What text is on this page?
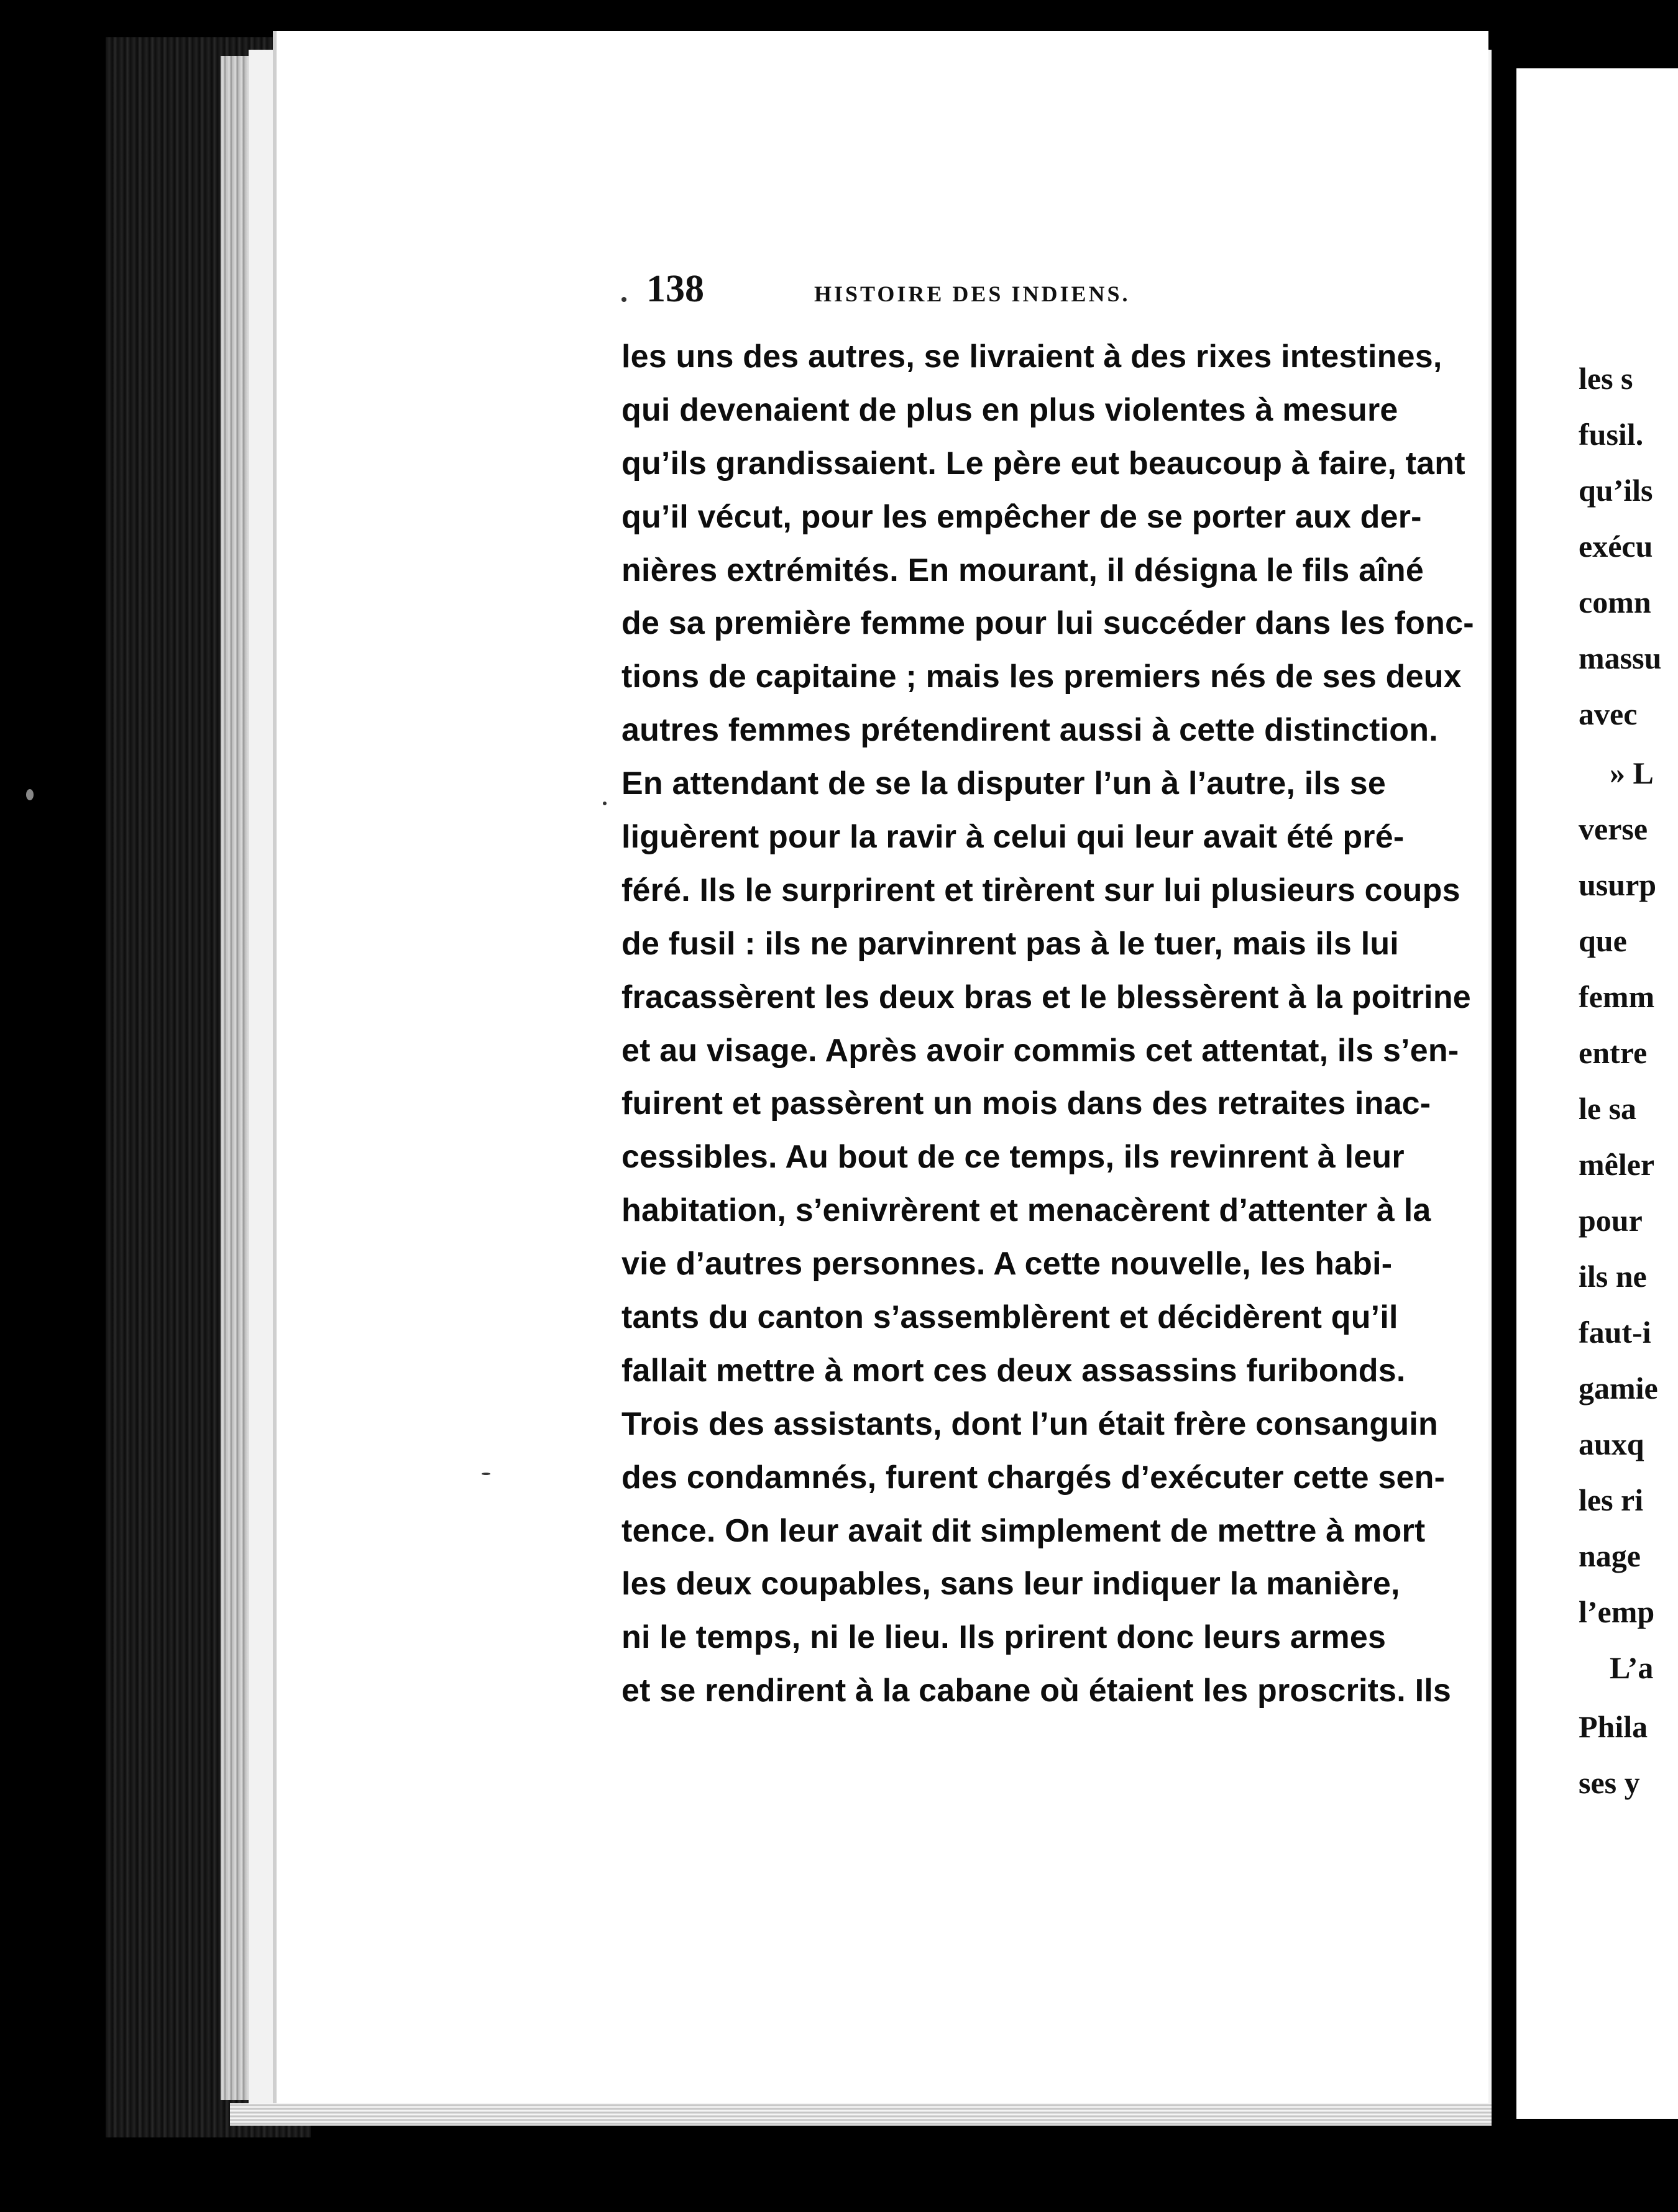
138	HISTOIRE DES INDIENS.
les uns des autres, se livraient à des rixes intestines,
qui devenaient de plus en plus violentes à mesure
qu’ils grandissaient. Le père eut beaucoup à faire, tant
qu’il vécut, pour les empêcher de se porter aux der-
nières extrémités. En mourant, il désigna le fils aîné
de sa première femme pour lui succéder dans les fonc-
tions de capitaine ; mais les premiers nés de ses deux
autres femmes prétendirent aussi à cette distinction.
En attendant de se la disputer l’un à l’autre, ils se
liguèrent pour la ravir à celui qui leur avait été pré-
féré. Ils le surprirent et tirèrent sur lui plusieurs coups
de fusil : ils ne parvinrent pas à le tuer, mais ils lui
fracassèrent les deux bras et le blessèrent à la poitrine
et au visage. Après avoir commis cet attentat, ils s’en-
fuirent et passèrent un mois dans des retraites inac-
cessibles. Au bout de ce temps, ils revinrent à leur
habitation, s’enivrèrent et menacèrent d’attenter à la
vie d’autres personnes. A cette nouvelle, les habi-
tants du canton s’assemblèrent et décidèrent qu’il
fallait mettre à mort ces deux assassins furibonds.
Trois des assistants, dont l’un était frère consanguin
des condamnés, furent chargés d’exécuter cette sen-
tence. On leur avait dit simplement de mettre à mort
les deux coupables, sans leur indiquer la manière,
ni le temps, ni le lieu. Ils prirent donc leurs armes
et se rendirent à la cabane où étaient les proscrits. Ils
les s
fusil.
qu’ils
exécu
comn
massu
avec
» L
verse
usurp
que
femm
entre
le sa
mêler
pour
ils ne
faut-i
gamie
auxq
les ri
nage
l’emp
L’a
Phila
ses y
